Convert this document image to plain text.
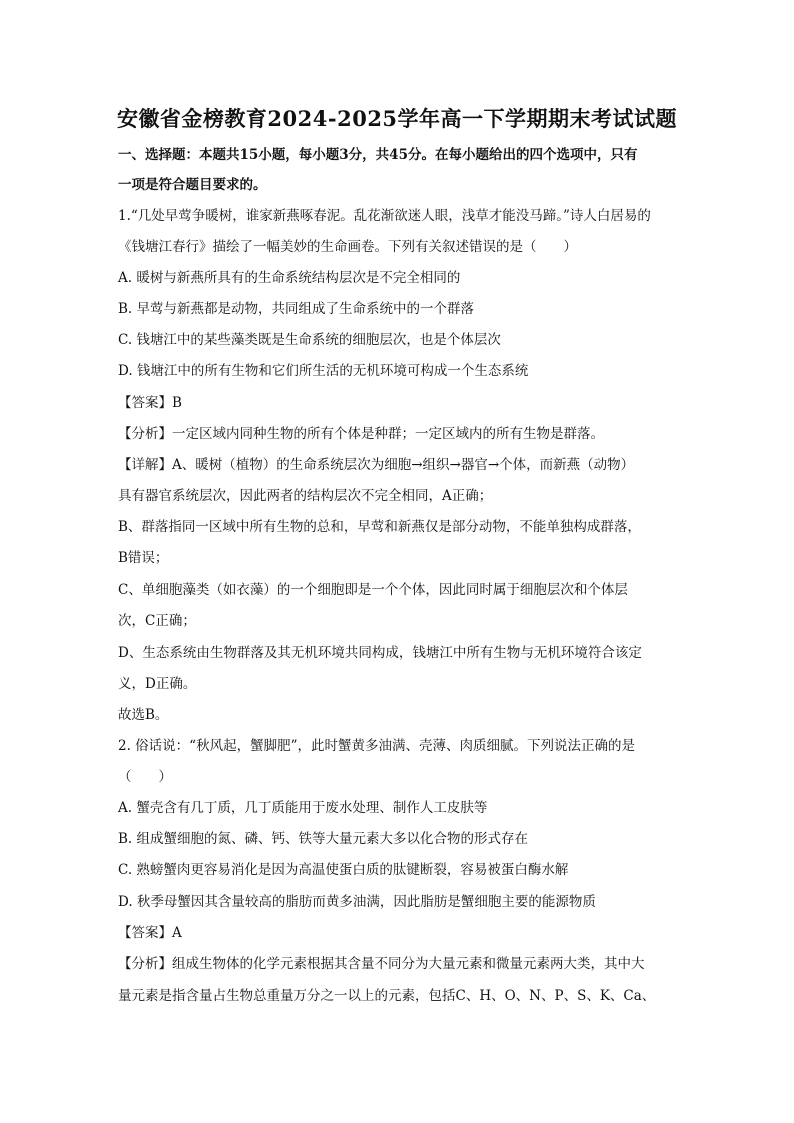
安徽省金榜教育2024-2025学年高一下学期期末考试试题
一、选择题：本题共15小题，每小题3分，共45分。在每小题给出的四个选项中，只有
一项是符合题目要求的。
1.“几处早莺争暖树，谁家新燕啄春泥。乱花渐欲迷人眼，浅草才能没马蹄。”诗人白居易的
《钱塘江春行》描绘了一幅美妙的生命画卷。下列有关叙述错误的是（　　）
A. 暖树与新燕所具有的生命系统结构层次是不完全相同的
B. 早莺与新燕都是动物，共同组成了生命系统中的一个群落
C. 钱塘江中的某些藻类既是生命系统的细胞层次，也是个体层次
D. 钱塘江中的所有生物和它们所生活的无机环境可构成一个生态系统
【答案】B
【分析】一定区域内同种生物的所有个体是种群；一定区域内的所有生物是群落。
【详解】A、暖树（植物）的生命系统层次为细胞→组织→器官→个体，而新燕（动物）
具有器官系统层次，因此两者的结构层次不完全相同，A正确；
B、群落指同一区域中所有生物的总和，早莺和新燕仅是部分动物，不能单独构成群落，
B错误；
C、单细胞藻类（如衣藻）的一个细胞即是一个个体，因此同时属于细胞层次和个体层
次，C正确；
D、生态系统由生物群落及其无机环境共同构成，钱塘江中所有生物与无机环境符合该定
义，D正确。
故选B。
2. 俗话说：“秋风起，蟹脚肥”，此时蟹黄多油满、壳薄、肉质细腻。下列说法正确的是
（　　）
A. 蟹壳含有几丁质，几丁质能用于废水处理、制作人工皮肤等
B. 组成蟹细胞的氮、磷、钙、铁等大量元素大多以化合物的形式存在
C. 熟螃蟹肉更容易消化是因为高温使蛋白质的肽键断裂，容易被蛋白酶水解
D. 秋季母蟹因其含量较高的脂肪而黄多油满，因此脂肪是蟹细胞主要的能源物质
【答案】A
【分析】组成生物体的化学元素根据其含量不同分为大量元素和微量元素两大类，其中大
量元素是指含量占生物总重量万分之一以上的元素，包括C、H、O、N、P、S、K、Ca、
